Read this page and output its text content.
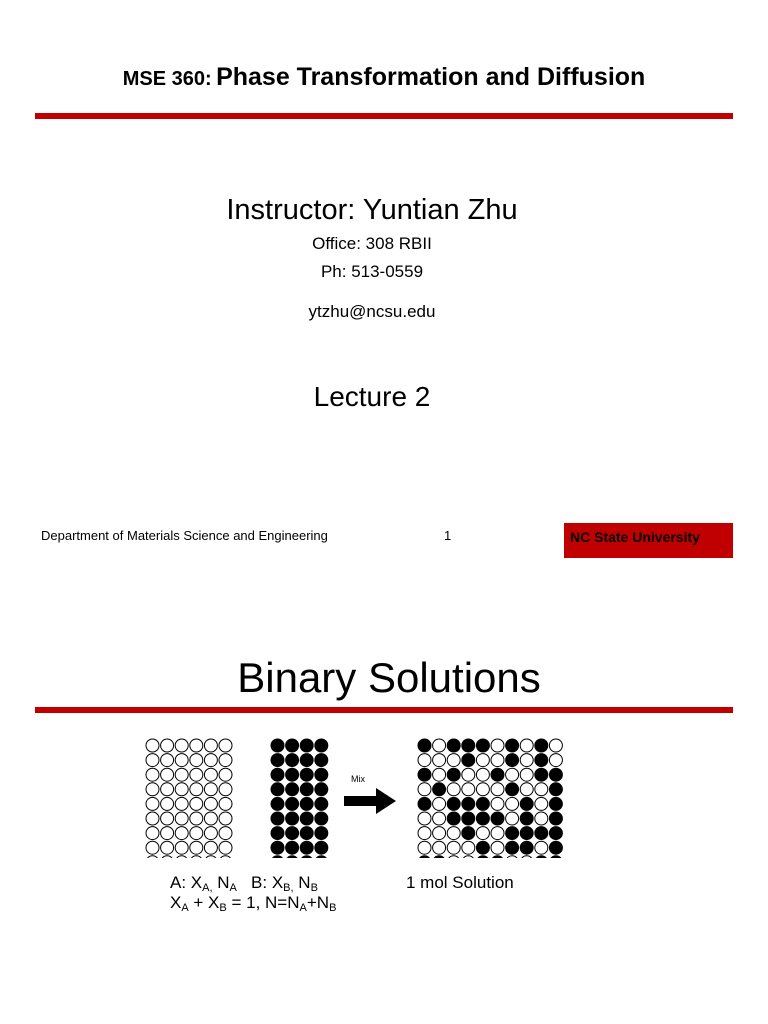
MSE 360: Phase Transformation and Diffusion
Instructor: Yuntian Zhu
Office: 308 RBII
Ph: 513-0559
ytzhu@ncsu.edu
Lecture 2
Department of Materials Science and Engineering	1	NC State University
Binary Solutions
Mix
A: $X_{A,}$ $N_A$   B: $X_{B,}$ $N_B$
$X_A + X_B = 1$, $N=N_A+N_B$
1 mol Solution
